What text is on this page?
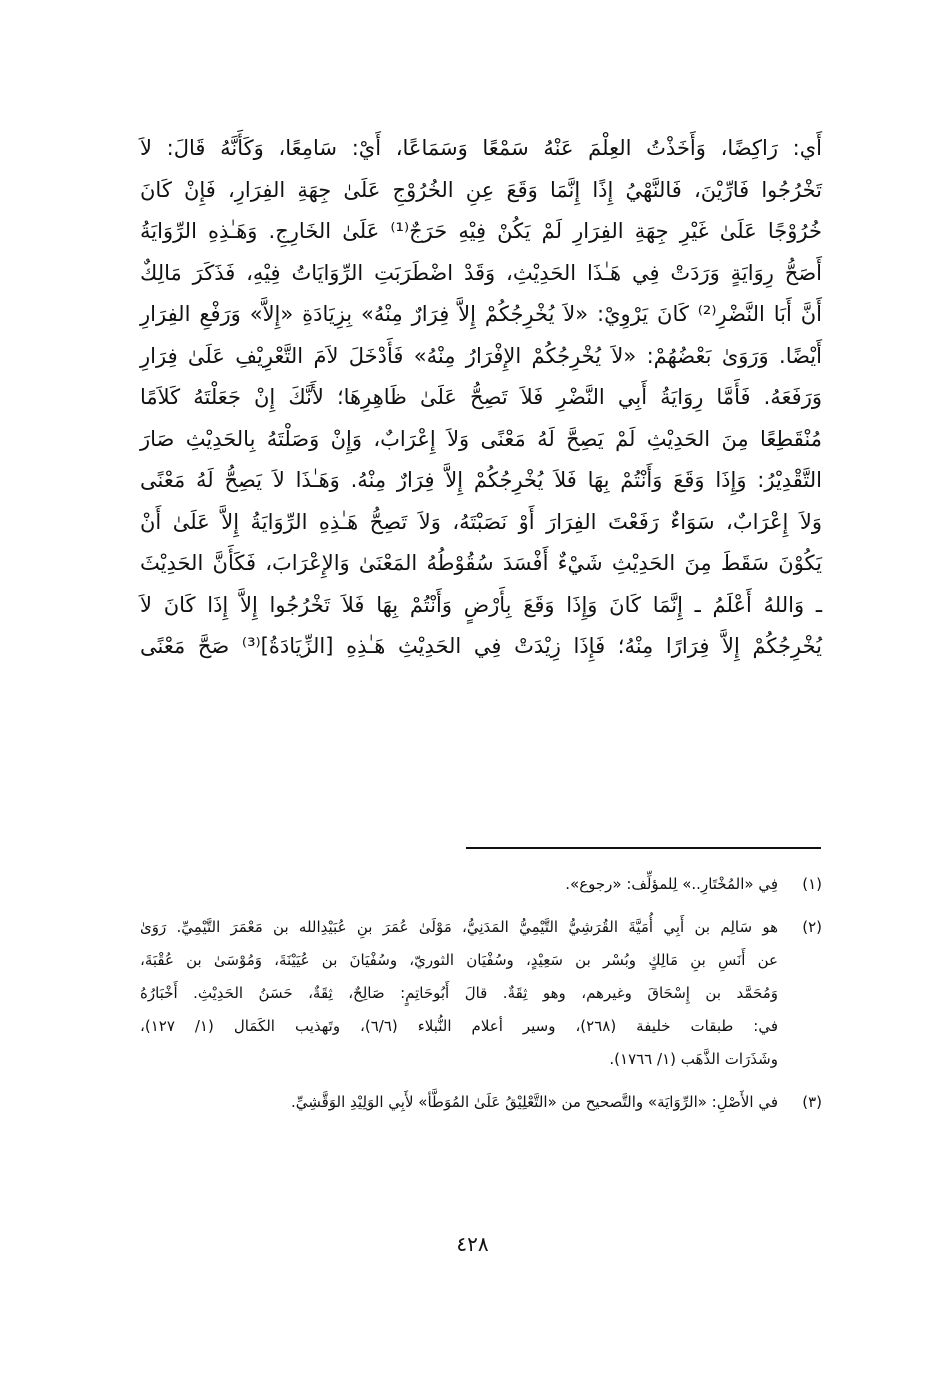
أَي: رَاكِضًا، وَأَخَذْتُ العِلْمَ عَنْهُ سَمْعًا وَسَمَاعًا، أَيْ: سَامِعًا، وَكَأَنَّهُ قَالَ: لاَ
تَخْرُجُوا فَارِّيْنَ، فَالنَّهْيُ إِذًا إِنَّمَا وَقَعَ عِنِ الخُرُوْجِ عَلَىٰ جِهَةِ الفِرَارِ، فَإِنْ كَانَ
خُرُوْجًا عَلَىٰ غَيْرِ جِهَةِ الفِرَارِ لَمْ يَكُنْ فِيْهِ حَرَجٌ⁽¹⁾ عَلَىٰ الخَارِجِ. وَهَـٰذِهِ الرِّوَايَةُ
أَصَحُّ رِوَايَةٍ وَرَدَتْ فِي هَـٰذَا الحَدِيْثِ، وَقَدْ اضْطَرَبَتِ الرِّوَايَاتُ فِيْهِ، فَذَكَرَ مَالِكٌ
أَنَّ أَبَا النَّضْرِ⁽²⁾ كَانَ يَرْوِيْ: «لاَ يُخْرِجُكُمْ إِلاَّ فِرَارٌ مِنْهُ» بِزِيَادَةِ «إِلاَّ» وَرَفْعِ الفِرَارِ
أَيْضًا. وَرَوَىٰ بَعْضُهُمْ: «لاَ يُخْرِجُكُمْ الإِفْرَارُ مِنْهُ» فَأَدْخَلَ لاَمَ التَّعْرِيْفِ عَلَىٰ فِرَارِ
وَرَفَعَهُ. فَأَمَّا رِوَايَةُ أَبِي النَّضْرِ فَلاَ تَصِحُّ عَلَىٰ ظَاهِرِهَا؛ لأَنَّكَ إِنْ جَعَلْتَهُ كَلاَمًا
مُنْقَطِعًا مِنَ الحَدِيْثِ لَمْ يَصِحَّ لَهُ مَعْنًى وَلاَ إِعْرَابٌ، وَإِنْ وَصَلْتَهُ بِالحَدِيْثِ صَارَ
التَّقْدِيْرُ: وَإِذَا وَقَعَ وَأَنْتُمْ بِهَا فَلاَ يُخْرِجُكُمْ إِلاَّ فِرَارٌ مِنْهُ. وَهَـٰذَا لاَ يَصِحُّ لَهُ مَعْنًى
وَلاَ إِعْرَابٌ، سَوَاءٌ رَفَعْتَ الفِرَارَ أَوْ نَصَبْتَهُ، وَلاَ تَصِحُّ هَـٰذِهِ الرِّوَايَةُ إِلاَّ عَلَىٰ أَنْ
يَكُوْنَ سَقَطَ مِنَ الحَدِيْثِ شَيْءٌ أَفْسَدَ سُقُوْطُهُ المَعْنَىٰ وَالإِعْرَابَ، فَكَأَنَّ الحَدِيْثَ
ـ وَاللهُ أَعْلَمُ ـ إِنَّمَا كَانَ وَإِذَا وَقَعَ بِأَرْضٍ وَأَنْتُمْ بِهَا فَلاَ تَخْرُجُوا إِلاَّ إِذَا كَانَ لاَ
يُخْرِجُكُمْ إِلاَّ فِرَارًا مِنْهُ؛ فَإِذَا زِيْدَتْ فِي الحَدِيْثِ هَـٰذِهِ [الزِّيَادَةُ]⁽³⁾ صَحَّ مَعْنًى
(١)
فِي «المُخْتَارِ..» لِلمؤلِّف: «رجوع».
(٢)
هو سَالِم بن أَبِي أُمَيَّةَ القُرَشِيُّ التَّيْمِيُّ المَدَنِيُّ، مَوْلَىٰ عُمَرَ بنِ عُبَيْدِالله بن مَعْمَرَ التَّيْمِيِّ. رَوَىٰ
عن أَنَسِ بنِ مَالِكٍ وبُسْر بن سَعِيْدٍ، وسُفْيَان الثوريّ، وسُفْيَانَ بن عُيَيْنَةَ، وَمُوْسَىٰ بن عُقْبَةَ،
وَمُحَمَّد بن إِسْحَاقَ وغيرهم، وهو ثِقَةٌ. قالَ أَبُوحَاتِمٍ: صَالِحٌ، ثِقَةٌ، حَسَنُ الحَدِيْثِ. أَخْبَارُهُ
في: طبقات خليفة (٢٦٨)، وسير أعلام النُّبلاء (٦/٦)، وتَهذيب الكَمَال (١/ ١٢٧)،
وشَذَرَات الذَّهَب (١/ ١٧٦٦).
(٣)
في الأَصْلِ: «الرِّوَايَة» والتَّصحيح من «التَّعْلِيْقُ عَلَىٰ المُوَطَّأ» لأَبِي الوَلِيْدِ الوَقَّشِيِّ.
٤٢٨
